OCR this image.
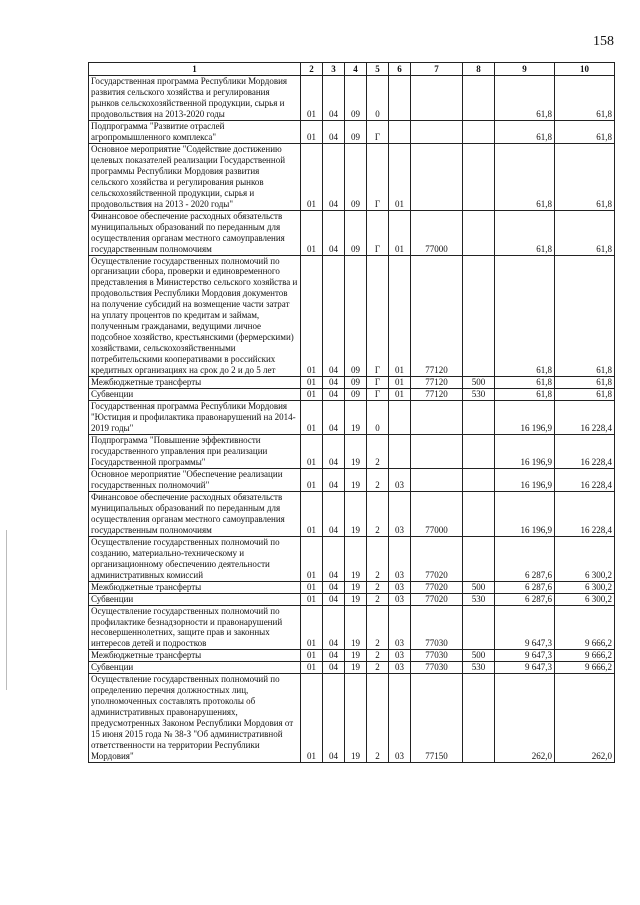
158
1	2	3	4	5	6	7	8	9	10
Государственная программа Республики Мордовия развития сельского хозяйства и регулирования рынков сельскохозяйственной продукции, сырья и продовольствия на 2013-2020 годы	01	04	09	0				61,8	61,8
Подпрограмма "Развитие отраслей агропромышленного комплекса"	01	04	09	Г				61,8	61,8
Основное мероприятие "Содействие достижению целевых показателей реализации Государственной программы Республики Мордовия развития сельского хозяйства и регулирования рынков сельскохозяйственной продукции, сырья и продовольствия на 2013 - 2020 годы"	01	04	09	Г	01			61,8	61,8
Финансовое обеспечение расходных обязательств муниципальных образований по переданным для осуществления органам местного самоуправления государственным полномочиям	01	04	09	Г	01	77000		61,8	61,8
Осуществление государственных полномочий по организации сбора, проверки и единовременного представления в Министерство сельского хозяйства и продовольствия Республики Мордовия документов на получение субсидий на возмещение части затрат на уплату процентов по кредитам и займам, полученным гражданами, ведущими личное подсобное хозяйство, крестьянскими (фермерскими) хозяйствами, сельскохозяйственными потребительскими кооперативами в российских кредитных организациях на срок до 2 и до 5 лет	01	04	09	Г	01	77120		61,8	61,8
Межбюджетные трансферты	01	04	09	Г	01	77120	500	61,8	61,8
Субвенции	01	04	09	Г	01	77120	530	61,8	61,8
Государственная программа Республики Мордовия "Юстиция и профилактика правонарушений на 2014-2019 годы"	01	04	19	0				16 196,9	16 228,4
Подпрограмма "Повышение эффективности государственного управления при реализации Государственной программы"	01	04	19	2				16 196,9	16 228,4
Основное мероприятие "Обеспечение реализации государственных полномочий"	01	04	19	2	03			16 196,9	16 228,4
Финансовое обеспечение расходных обязательств муниципальных образований по переданным для осуществления органам местного самоуправления государственным полномочиям	01	04	19	2	03	77000		16 196,9	16 228,4
Осуществление государственных полномочий по созданию, материально-техническому и организационному обеспечению деятельности административных комиссий	01	04	19	2	03	77020		6 287,6	6 300,2
Межбюджетные трансферты	01	04	19	2	03	77020	500	6 287,6	6 300,2
Субвенции	01	04	19	2	03	77020	530	6 287,6	6 300,2
Осуществление государственных полномочий по профилактике безнадзорности и правонарушений несовершеннолетних, защите прав и законных интересов детей и подростков	01	04	19	2	03	77030		9 647,3	9 666,2
Межбюджетные трансферты	01	04	19	2	03	77030	500	9 647,3	9 666,2
Субвенции	01	04	19	2	03	77030	530	9 647,3	9 666,2
Осуществление государственных полномочий по определению перечня должностных лиц, уполномоченных составлять протоколы об административных правонарушениях, предусмотренных Законом Республики Мордовия от 15 июня 2015 года № 38-З "Об административной ответственности на территории Республики Мордовия"	01	04	19	2	03	77150		262,0	262,0
